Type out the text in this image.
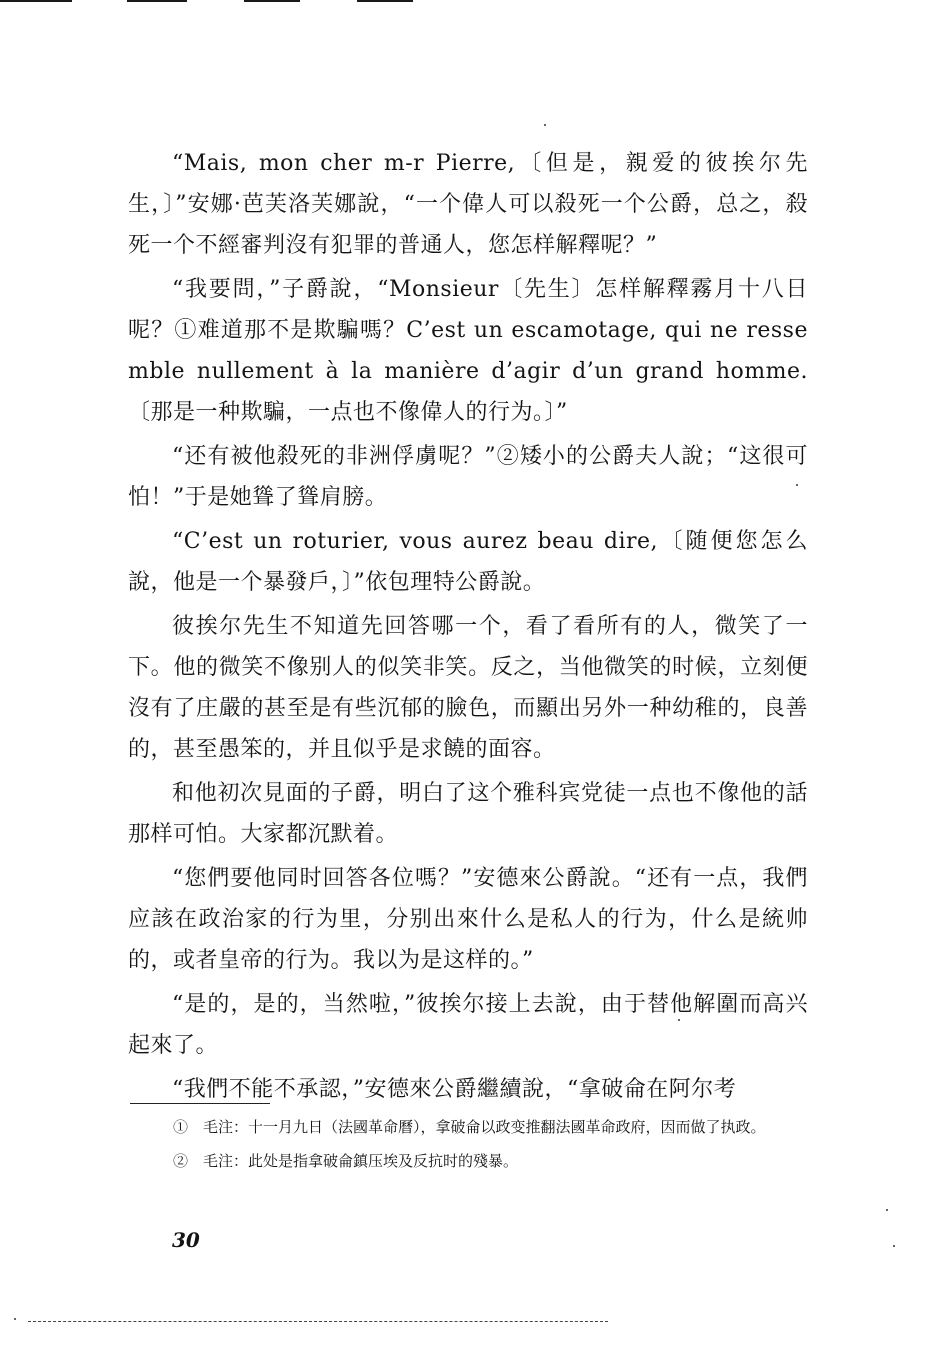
“Mais, mon cher m-r Pierre,〔但是，親爱的彼挨尔先生，〕”安娜·芭芙洛芙娜說，“一个偉人可以殺死一个公爵，总之，殺死一个不經審判沒有犯罪的普通人，您怎样解釋呢？”

“我要問，”子爵說，“Monsieur〔先生〕怎样解釋霧月十八日呢？①难道那不是欺騙嗎？C’est un escamotage, qui ne ressemble nullement à la manière d’agir d’un grand homme.〔那是一种欺騙，一点也不像偉人的行为。〕”

“还有被他殺死的非洲俘虜呢？”②矮小的公爵夫人說；“这很可怕！”于是她聳了聳肩膀。

“C’est un roturier, vous aurez beau dire,〔随便您怎么說，他是一个暴發戶，〕”依包理特公爵說。

彼挨尔先生不知道先回答哪一个，看了看所有的人，微笑了一下。他的微笑不像别人的似笑非笑。反之，当他微笑的时候，立刻便沒有了庄嚴的甚至是有些沉郁的臉色，而顯出另外一种幼稚的，良善的，甚至愚笨的，并且似乎是求饒的面容。

和他初次見面的子爵，明白了这个雅科宾党徒一点也不像他的話那样可怕。大家都沉默着。

“您們要他同时回答各位嗎？”安德來公爵說。“还有一点，我們应該在政治家的行为里，分别出來什么是私人的行为，什么是統帅的，或者皇帝的行为。我以为是这样的。”

“是的，是的，当然啦，”彼挨尔接上去說，由于替他解圍而高兴起來了。

“我們不能不承認，”安德來公爵繼續說，“拿破侖在阿尔考

①　毛注：十一月九日（法國革命曆），拿破侖以政变推翻法國革命政府，因而做了执政。

②　毛注：此处是指拿破侖鎮压埃及反抗时的殘暴。

30
